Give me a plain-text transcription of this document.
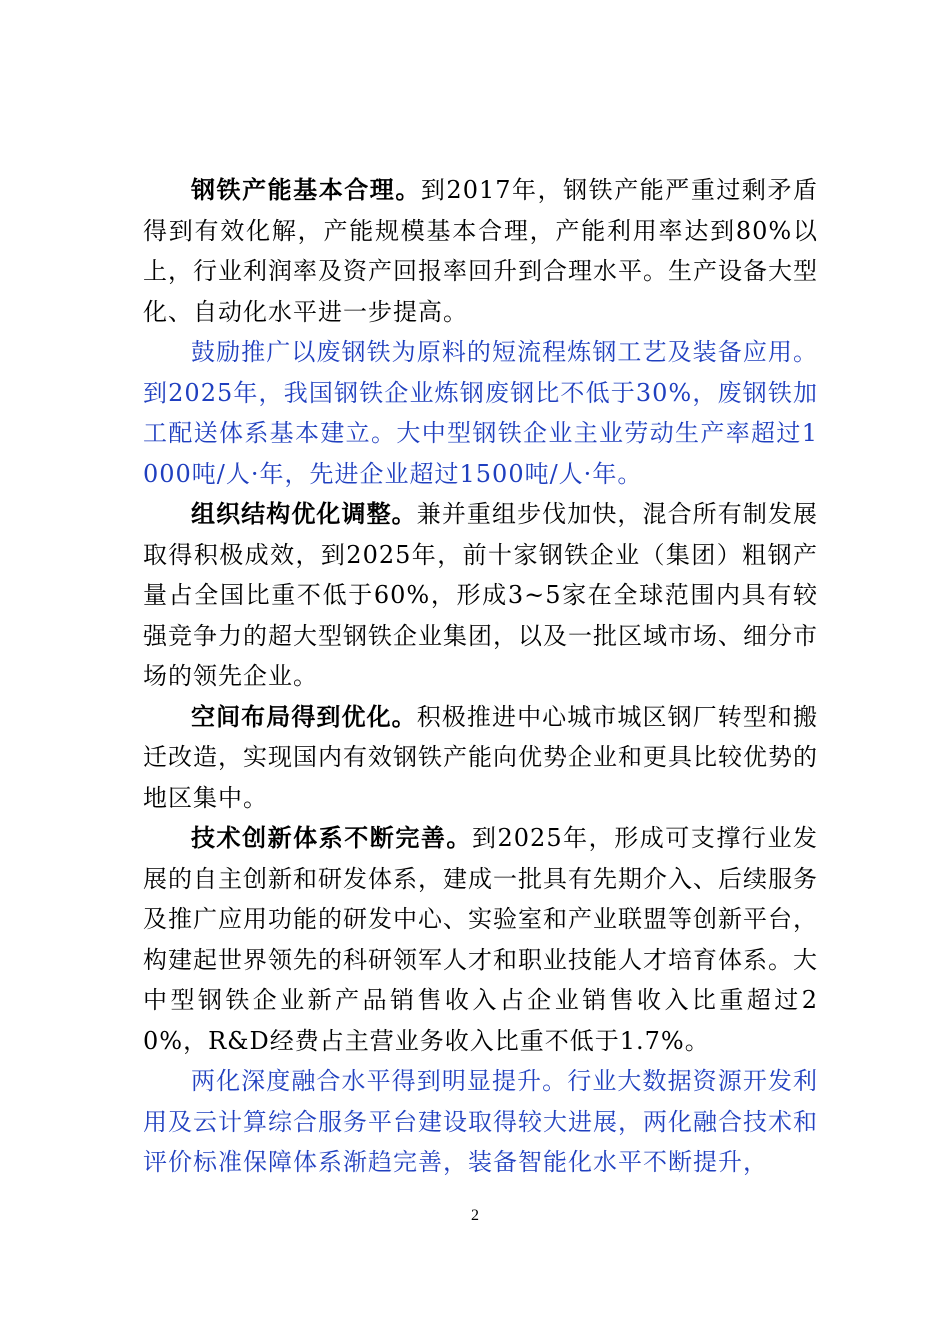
钢铁产能基本合理。到2017年，钢铁产能严重过剩矛盾得到有效化解，产能规模基本合理，产能利用率达到80%以上，行业利润率及资产回报率回升到合理水平。生产设备大型化、自动化水平进一步提高。

鼓励推广以废钢铁为原料的短流程炼钢工艺及装备应用。到2025年，我国钢铁企业炼钢废钢比不低于30%，废钢铁加工配送体系基本建立。大中型钢铁企业主业劳动生产率超过1000吨/人·年，先进企业超过1500吨/人·年。

组织结构优化调整。兼并重组步伐加快，混合所有制发展取得积极成效，到2025年，前十家钢铁企业（集团）粗钢产量占全国比重不低于60%，形成3~5家在全球范围内具有较强竞争力的超大型钢铁企业集团，以及一批区域市场、细分市场的领先企业。

空间布局得到优化。积极推进中心城市城区钢厂转型和搬迁改造，实现国内有效钢铁产能向优势企业和更具比较优势的地区集中。

技术创新体系不断完善。到2025年，形成可支撑行业发展的自主创新和研发体系，建成一批具有先期介入、后续服务及推广应用功能的研发中心、实验室和产业联盟等创新平台，构建起世界领先的科研领军人才和职业技能人才培育体系。大中型钢铁企业新产品销售收入占企业销售收入比重超过20%，R&D经费占主营业务收入比重不低于1.7%。

两化深度融合水平得到明显提升。行业大数据资源开发利用及云计算综合服务平台建设取得较大进展，两化融合技术和评价标准保障体系渐趋完善，装备智能化水平不断提升，

2
